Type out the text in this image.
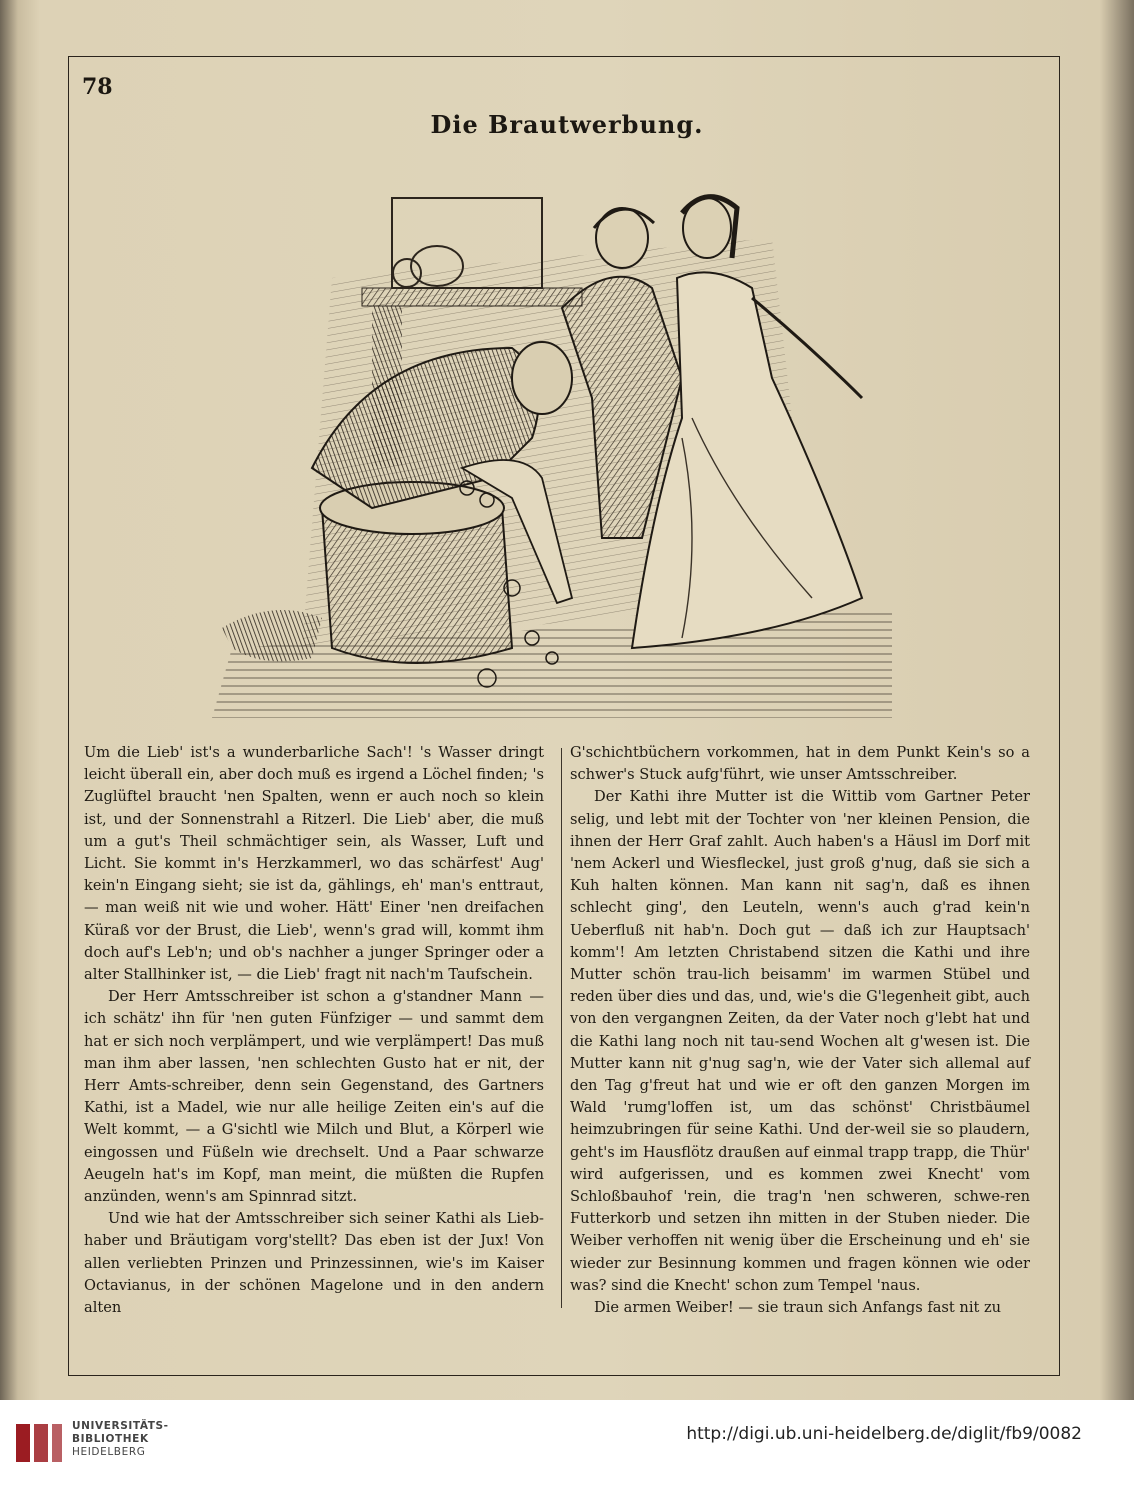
78
Die Brautwerbung.

Um die Lieb' ist's a wunderbarliche Sach'! 's Wasser dringt leicht überall ein, aber doch muß es irgend a Löchel finden; 's Zuglüftel braucht 'nen Spalten, wenn er auch noch so klein ist, und der Sonnenstrahl a Ritzerl. Die Lieb' aber, die muß um a gut's Theil schmächtiger sein, als Wasser, Luft und Licht. Sie kommt in's Herzkammerl, wo das schärfest' Aug' kein'n Eingang sieht; sie ist da, gählings, eh' man's enttraut, — man weiß nit wie und woher. Hätt' Einer 'nen dreifachen Küraß vor der Brust, die Lieb', wenn's grad will, kommt ihm doch auf's Leb'n; und ob's nachher a junger Springer oder a alter Stallhinker ist, — die Lieb' fragt nit nach'm Taufschein.

Der Herr Amtsschreiber ist schon a g'standner Mann — ich schätz' ihn für 'nen guten Fünfziger — und sammt dem hat er sich noch verplämpert, und wie verplämpert! Das muß man ihm aber lassen, 'nen schlechten Gusto hat er nit, der Herr Amts-schreiber, denn sein Gegenstand, des Gartners Kathi, ist a Madel, wie nur alle heilige Zeiten ein's auf die Welt kommt, — a G'sichtl wie Milch und Blut, a Körperl wie eingossen und Füßeln wie drechselt. Und a Paar schwarze Aeugeln hat's im Kopf, man meint, die müßten die Rupfen anzünden, wenn's am Spinnrad sitzt.

Und wie hat der Amtsschreiber sich seiner Kathi als Lieb-haber und Bräutigam vorg'stellt? Das eben ist der Jux! Von allen verliebten Prinzen und Prinzessinnen, wie's im Kaiser Octavianus, in der schönen Magelone und in den andern alten

G'schichtbüchern vorkommen, hat in dem Punkt Kein's so a schwer's Stuck aufg'führt, wie unser Amtsschreiber.

Der Kathi ihre Mutter ist die Wittib vom Gartner Peter selig, und lebt mit der Tochter von 'ner kleinen Pension, die ihnen der Herr Graf zahlt. Auch haben's a Häusl im Dorf mit 'nem Ackerl und Wiesfleckel, just groß g'nug, daß sie sich a Kuh halten können. Man kann nit sag'n, daß es ihnen schlecht ging', den Leuteln, wenn's auch g'rad kein'n Ueberfluß nit hab'n. Doch gut — daß ich zur Hauptsach' komm'! Am letzten Christabend sitzen die Kathi und ihre Mutter schön trau-lich beisamm' im warmen Stübel und reden über dies und das, und, wie's die G'legenheit gibt, auch von den vergangnen Zeiten, da der Vater noch g'lebt hat und die Kathi lang noch nit tau-send Wochen alt g'wesen ist. Die Mutter kann nit g'nug sag'n, wie der Vater sich allemal auf den Tag g'freut hat und wie er oft den ganzen Morgen im Wald 'rumg'loffen ist, um das schönst' Christbäumel heimzubringen für seine Kathi. Und der-weil sie so plaudern, geht's im Hausflötz draußen auf einmal trapp trapp, die Thür' wird aufgerissen, und es kommen zwei Knecht' vom Schloßbauhof 'rein, die trag'n 'nen schweren, schwe-ren Futterkorb und setzen ihn mitten in der Stuben nieder. Die Weiber verhoffen nit wenig über die Erscheinung und eh' sie wieder zur Besinnung kommen und fragen können wie oder was? sind die Knecht' schon zum Tempel 'naus.

Die armen Weiber! — sie traun sich Anfangs fast nit zu

UNIVERSITÄTS-
BIBLIOTHEK
HEIDELBERG
http://digi.ub.uni-heidelberg.de/diglit/fb9/0082
